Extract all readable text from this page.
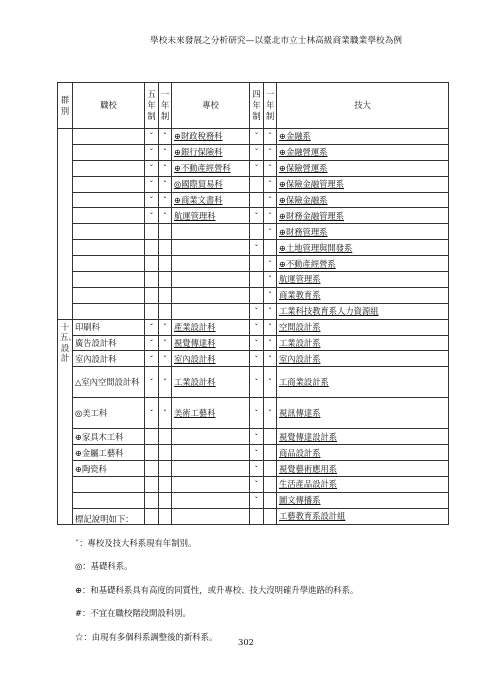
學校未來發展之分析研究—以臺北市立士林高級商業職業學校為例
群別	職校	五年制	一年制	專校	四年制	一年制	技大
		ˇ	ˇ	⊕財政稅務科	ˇ	ˇ	⊕金融系
		ˇ	ˇ	⊕銀行保險科	ˇ	ˇ	⊕金融營運系
		ˇ	ˇ	⊕不動產經營科	ˇ	ˇ	⊕保險營運系
		ˇ	ˇ	◎國際貿易科		ˇ	⊕保險金融管理系
		ˇ	ˇ	⊕商業文書科		ˇ	⊕保險金融系
		ˇ	ˇ	航運管理科	ˇ	ˇ	⊕財務金融管理系
						ˇ	⊕財務管理系
					ˇ		⊕土地管理與開發系
						ˇ	⊕不動產經營系
						ˇ	航運管理系
						ˇ	商業教育系
					ˇ	ˇ	工業科技教育系人力資源組
十五、設計	印刷科	ˇ	ˇ	產業設計科	ˇ	ˇ	空間設計系
	廣告設計科	ˇ	ˇ	視覺傳達科	ˇ	ˇ	工業設計系
	室內設計科	ˇ	ˇ	室內設計科	ˇ	ˇ	室內設計系
	△室內空間設計科	ˇ	ˇ	工業設計科	ˇ	ˇ	工商業設計系
	◎美工科	ˇ	ˇ	美術工藝科	ˇ	ˇ	視訊傳達系
	⊕家具木工科				ˇ		視覺傳達設計系
	⊕金屬工藝科				ˇ		商品設計系
	⊕陶瓷科				ˇ		視覺藝術應用系
					ˇ		生活產品設計系
					ˇ		圖文傳播系
							工藝教育系設計組
標記說明如下：
ˇ：專校及技大科系現有年制別。
◎：基礎科系。
⊕：和基礎科系具有高度的同質性，或升專校、技大沒明確升學進路的科系。
#：不宜在職校階段開設科別。
☆：由現有多個科系調整後的新科系。
302
